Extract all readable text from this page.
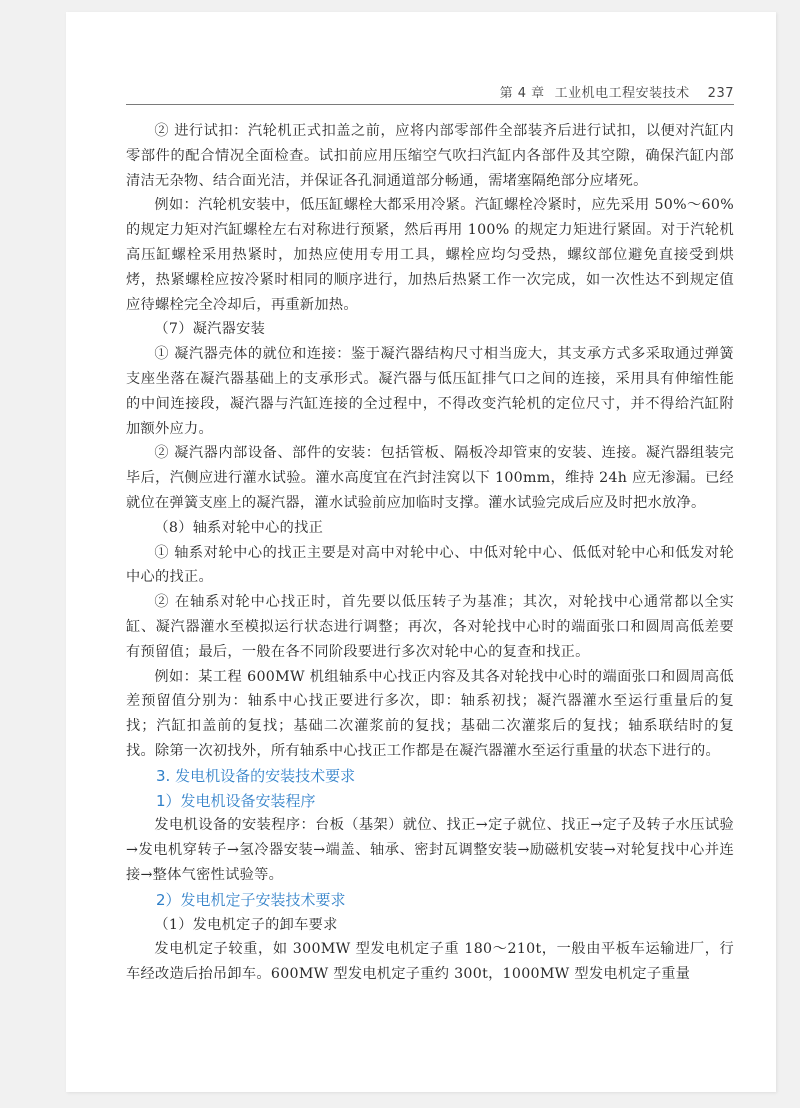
第 4 章 工业机电工程安装技术 237

② 进行试扣：汽轮机正式扣盖之前，应将内部零部件全部装齐后进行试扣，以便对汽缸内零部件的配合情况全面检查。试扣前应用压缩空气吹扫汽缸内各部件及其空隙，确保汽缸内部清洁无杂物、结合面光洁，并保证各孔洞通道部分畅通，需堵塞隔绝部分应堵死。

例如：汽轮机安装中，低压缸螺栓大都采用冷紧。汽缸螺栓冷紧时，应先采用 50%～60% 的规定力矩对汽缸螺栓左右对称进行预紧，然后再用 100% 的规定力矩进行紧固。对于汽轮机高压缸螺栓采用热紧时，加热应使用专用工具，螺栓应均匀受热，螺纹部位避免直接受到烘烤，热紧螺栓应按冷紧时相同的顺序进行，加热后热紧工作一次完成，如一次性达不到规定值应待螺栓完全冷却后，再重新加热。

（7）凝汽器安装

① 凝汽器壳体的就位和连接：鉴于凝汽器结构尺寸相当庞大，其支承方式多采取通过弹簧支座坐落在凝汽器基础上的支承形式。凝汽器与低压缸排气口之间的连接，采用具有伸缩性能的中间连接段，凝汽器与汽缸连接的全过程中，不得改变汽轮机的定位尺寸，并不得给汽缸附加额外应力。

② 凝汽器内部设备、部件的安装：包括管板、隔板冷却管束的安装、连接。凝汽器组装完毕后，汽侧应进行灌水试验。灌水高度宜在汽封洼窝以下 100mm，维持 24h 应无渗漏。已经就位在弹簧支座上的凝汽器，灌水试验前应加临时支撑。灌水试验完成后应及时把水放净。

（8）轴系对轮中心的找正

① 轴系对轮中心的找正主要是对高中对轮中心、中低对轮中心、低低对轮中心和低发对轮中心的找正。

② 在轴系对轮中心找正时，首先要以低压转子为基准；其次，对轮找中心通常都以全实缸、凝汽器灌水至模拟运行状态进行调整；再次，各对轮找中心时的端面张口和圆周高低差要有预留值；最后，一般在各不同阶段要进行多次对轮中心的复查和找正。

例如：某工程 600MW 机组轴系中心找正内容及其各对轮找中心时的端面张口和圆周高低差预留值分别为：轴系中心找正要进行多次，即：轴系初找；凝汽器灌水至运行重量后的复找；汽缸扣盖前的复找；基础二次灌浆前的复找；基础二次灌浆后的复找；轴系联结时的复找。除第一次初找外，所有轴系中心找正工作都是在凝汽器灌水至运行重量的状态下进行的。

3. 发电机设备的安装技术要求
1）发电机设备安装程序

发电机设备的安装程序：台板（基架）就位、找正→定子就位、找正→定子及转子水压试验→发电机穿转子→氢冷器安装→端盖、轴承、密封瓦调整安装→励磁机安装→对轮复找中心并连接→整体气密性试验等。

2）发电机定子安装技术要求

（1）发电机定子的卸车要求

发电机定子较重，如 300MW 型发电机定子重 180～210t，一般由平板车运输进厂，行车经改造后抬吊卸车。600MW 型发电机定子重约 300t，1000MW 型发电机定子重量
